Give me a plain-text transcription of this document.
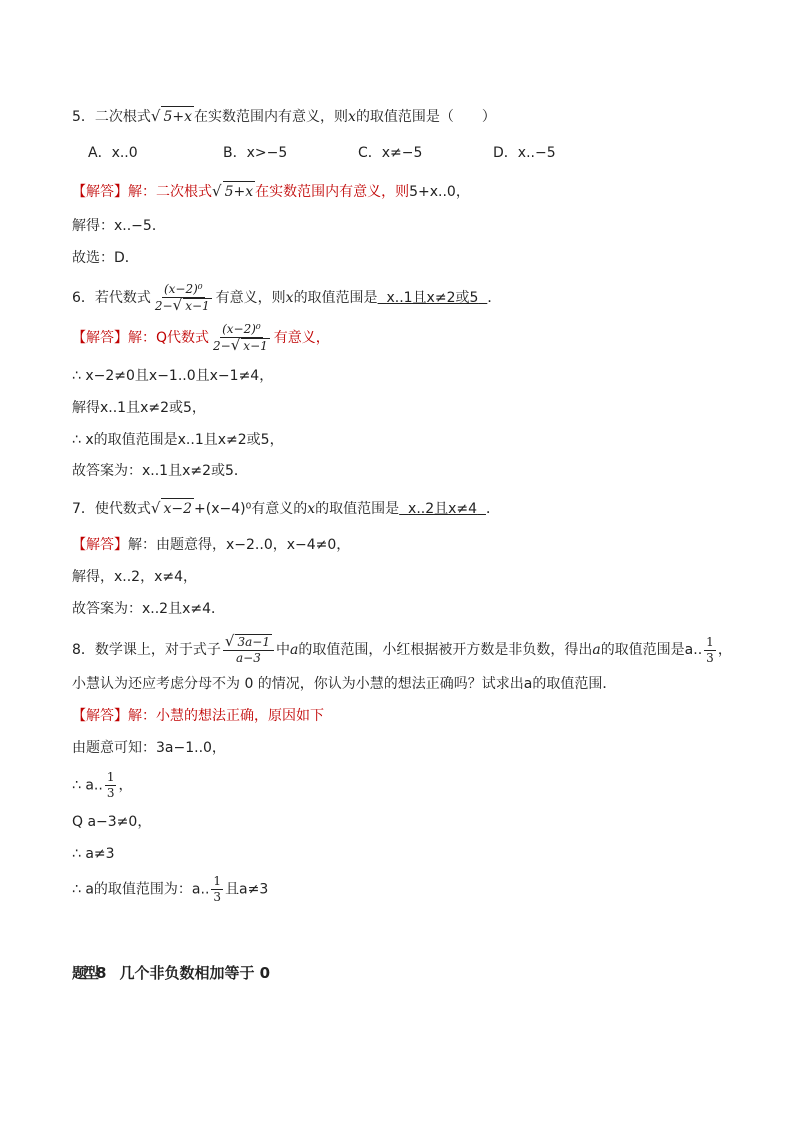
5．二次根式√ 5+x 在实数范围内有意义，则x的取值范围是（　　）
A．x..0	B．x>−5	C．x≠−5	D．x..−5
【解答】解：二次根式√ 5+x 在实数范围内有意义，则5+x..0，
解得：x..−5．
故选：D．
6．若代数式 $\frac{\text{(x−2)⁰}}{2-√ x-1}$ 有意义，则x的取值范围是 x..1且x≠2或5 ．
【解答】解：Q代数式 $\frac{\text{(x−2)⁰}}{2-√ x-1}$ 有意义，
∴ x−2≠0且x−1..0且x−1≠4，
解得x..1且x≠2或5，
∴ x的取值范围是x..1且x≠2或5，
故答案为：x..1且x≠2或5．
7．使代数式√ x−2 +(x−4)⁰有意义的x的取值范围是 x..2且x≠4 ．
【解答】解：由题意得，x−2..0，x−4≠0，
解得，x..2，x≠4，
故答案为：x..2且x≠4．
8．数学课上，对于式子 $\frac{√ 3a-1}{a-3}$ 中a的取值范围，小红根据被开方数是非负数，得出a的取值范围是a.. $\frac{1}{3}$ ，
小慧认为还应考虑分母不为 0 的情况，你认为小慧的想法正确吗？试求出a的取值范围．
【解答】解：小慧的想法正确，原因如下
由题意可知：3a−1..0，
∴ a.. $\frac{1}{3}$ ，
Q a−3≠0，
∴ a≠3
∴ a的取值范围为：a.. $\frac{1}{3}$ 且a≠3
题型8 几个非负数相加等于 0
